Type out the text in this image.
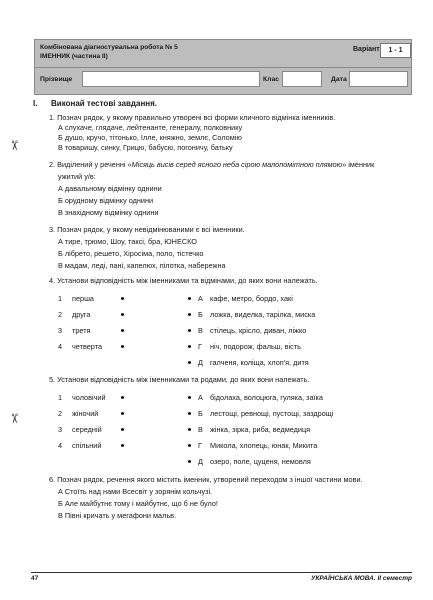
Комбінована діагностувальна робота № 5
ІМЕННИК (частина II)
Варіант	1 - 1
Прізвище	Клас	Дата
✂
✂
I. Виконай тестові завдання.
1. Познач рядок, у якому правильно утворені всі форми кличного відмінка іменників.
А слухаче, глядаче, лейтенанте, генералу, полковнику
Б душо, кручо, тітонько, Ілле, княжно, землє, Соломію
В товаришу, синку, Грицю, бабусю, погоничу, батьку
2. Виділений у реченні «Місяць висів серед ясного неба сірою малопомітною плямою» іменник
ужитий у/в:
А давальному відмінку однини
Б орудному відмінку однини
В знахідному відмінку однини
3. Познач рядок, у якому невідмінюваними є всі іменники.
А тире, трюмо, Шоу, таксі, бра, ЮНЕСКО
Б лібрето, решето, Хіросіма, поло, тістечко
В мадам, леді, пані, капелюх, пілотка, набережна
4. Установи відповідність між іменниками та відмінами, до яких вони належать.
1 перша
2 друга
3 третя
4 четверта
А кафе, метро, бордо, хакі
Б ложка, виделка, тарілка, миска
В стілець, крісло, диван, ліжко
Г ніч, подорож, фальш, вість
Д галченя, коліща, хлоп'я, дитя
5. Установи відповідність між іменниками та родами, до яких вони належать.
1 чоловічий
2 жіночий
3 середній
4 спільний
А бідолаха, волоцюга, гуляка, заїка
Б лестощі, ревнощі, пустощі, заздрощі
В жінка, зірка, риба, ведмедиця
Г Микола, хлопець, юнак, Микита
Д озеро, поле, цуценя, немовля
6. Познач рядок, речення якого містить іменник, утворений переходом з іншої частини мови.
А Стоїть над нами Всесвіт у зорянім кольчузі.
Б Але майбутнє тому і майбутнє, що б не було!
В Півні кричать у мегафони мальв.
47	УКРАЇНСЬКА МОВА. II семестр
